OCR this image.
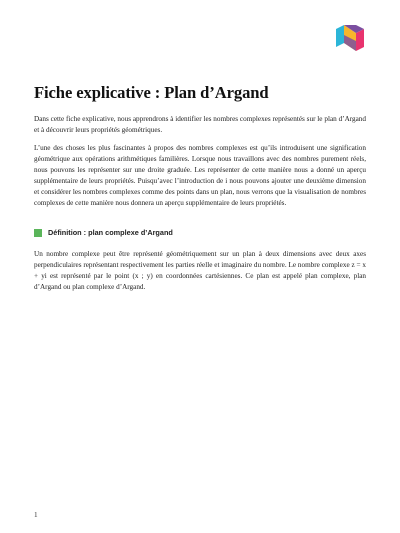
Fiche explicative : Plan d’Argand

Dans cette fiche explicative, nous apprendrons à identifier les nombres complexes représentés sur le plan d’Argand et à découvrir leurs propriétés géométriques.

L’une des choses les plus fascinantes à propos des nombres complexes est qu’ils introduisent une signification géométrique aux opérations arithmétiques familières. Lorsque nous travaillons avec des nombres purement réels, nous pouvons les représenter sur une droite graduée. Les représenter de cette manière nous a donné un aperçu supplémentaire de leurs propriétés. Puisqu’avec l’introduction de i nous pouvons ajouter une deuxième dimension et considérer les nombres complexes comme des points dans un plan, nous verrons que la visualisation de nombres complexes de cette manière nous donnera un aperçu supplémentaire de leurs propriétés.

Définition : plan complexe d’Argand

Un nombre complexe peut être représenté géométriquement sur un plan à deux dimensions avec deux axes perpendiculaires représentant respectivement les parties réelle et imaginaire du nombre. Le nombre complexe z = x + yi est représenté par le point (x ; y) en coordonnées cartésiennes. Ce plan est appelé plan complexe, plan d’Argand ou plan complexe d’Argand.

1
